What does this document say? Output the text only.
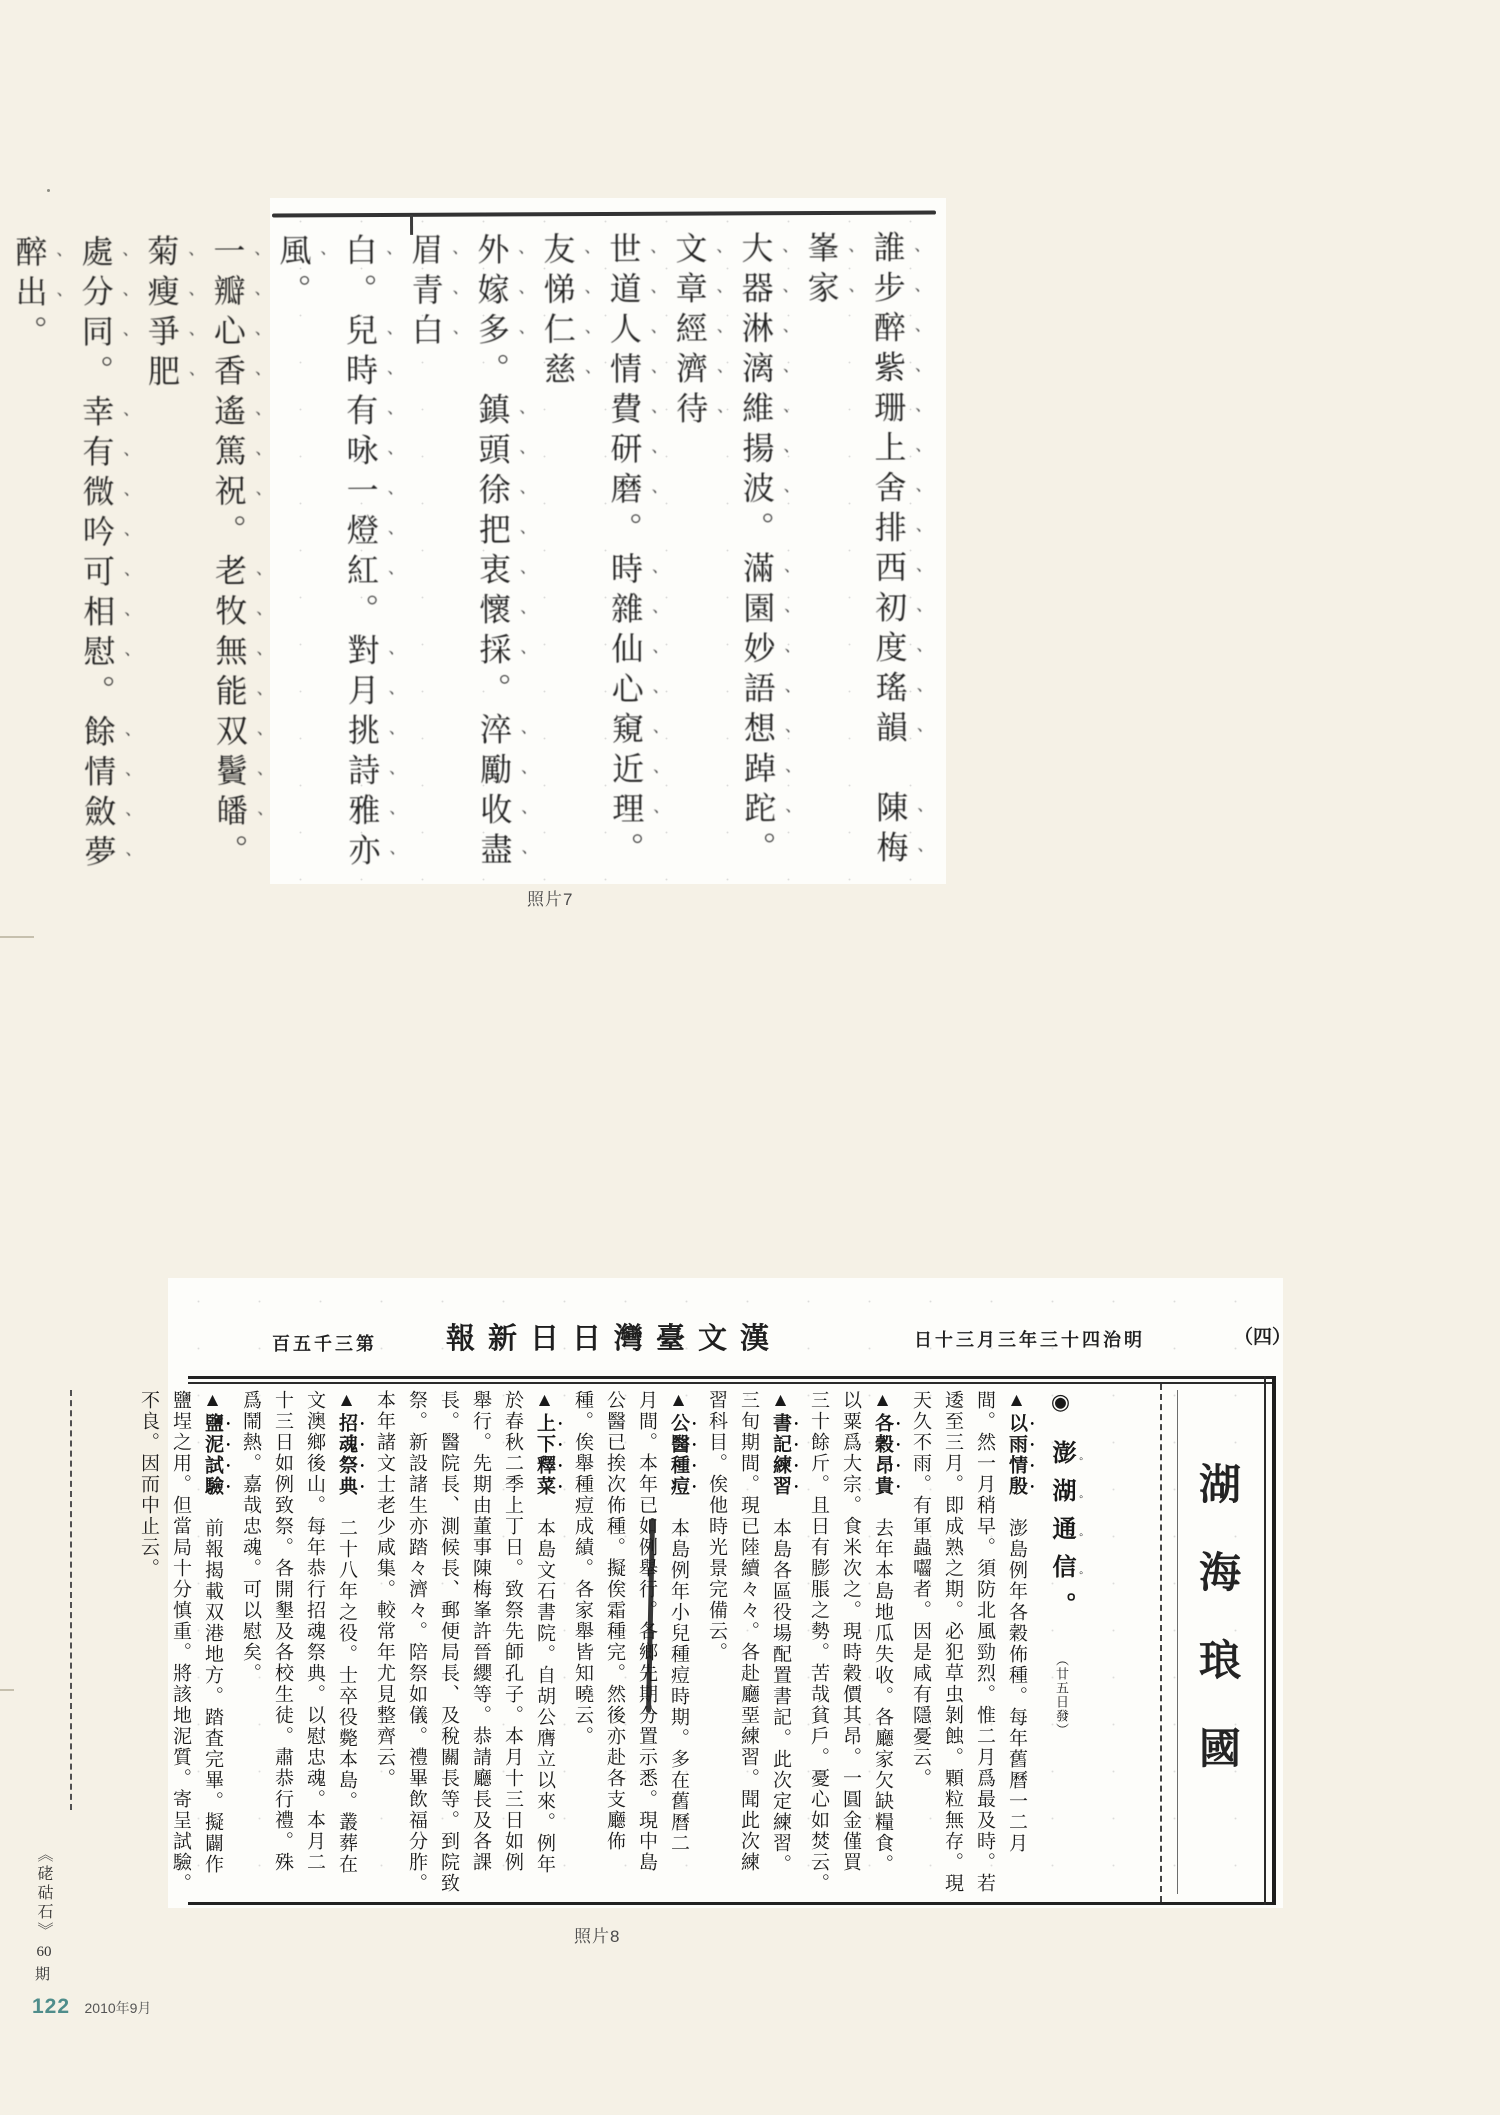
誰步醉紫珊上舍排西初度瑤韻　陳梅峯家
大器淋漓維揚波。滿園妙語想踔跎。文章經濟待
世道人情費研磨。時雜仙心窺近理。友悌仁慈
外嫁多。鎮頭徐把衷懷採。淬勵收盡眉青白
白。兒時有咏一燈紅。對月挑詩雅亦風。
一瓣心香遙篤祝。老牧無能双鬢皤。菊瘦爭肥
處分同。幸有微吟可相慰。餘情斂夢醉出。
照片7
百五千三第 報新日日灣臺文漢	日十三月三年三十四治明	（四）
湖海琅國
◉ 澎湖通信。 （廿五日發）
▲以雨情殷　澎島例年各穀佈種。每年舊曆一二月
間。然一月稍早。須防北風勁烈。惟二月爲最及時。若
逶至三月。即成熟之期。必犯草虫剝蝕。顆粒無存。現
天久不雨。有軍蟲囓者。因是咸有隱憂云。
▲各穀昂貴　去年本島地瓜失收。各廳家欠缺糧食。
以粟爲大宗。食米次之。現時穀價其昂。一圓金僅買
三十餘斤。且日有膨脹之勢。苦哉貧戶。憂心如焚云。
▲書記練習　本島各區役場配置書記。此次定練習。
三旬期間。現已陸續々々。各赴廳堊練習。聞此次練
習科目。俟他時光景完備云。
▲公醫種痘　本島例年小兒種痘時期。多在舊曆二
月間。本年已如例舉行。各鄉先期分置示悉。現中島
公醫已挨次佈種。擬俟霜種完。然後亦赴各支廳佈
種。俟舉種痘成績。各家舉皆知曉云。
▲上下釋菜　本島文石書院。自胡公膺立以來。例年
於春秋二季上丁日。致祭先師孔子。本月十三日如例
舉行。先期由董事陳梅峯許晉纓等。恭請廳長及各課
長。醫院長、測候長、郵便局長、及稅關長等。到院致
祭。新設諸生亦踏々濟々。陪祭如儀。禮畢飲福分胙。
本年諸文士老少咸集。較常年尤見整齊云。
▲招魂祭典　二十八年之役。士卒役斃本島。叢葬在
文澳鄉後山。每年恭行招魂祭典。以慰忠魂。本月二
十三日如例致祭。各開墾及各校生徒。肅恭行禮。殊
爲鬧熱。嘉哉忠魂。可以慰矣。
▲鹽泥試驗　前報揭載双港地方。踏査完畢。擬闢作
鹽埕之用。但當局十分慎重。將該地泥質。寄呈試驗。
不良。因而中止云。
照片8
《硓𥑮石》
60
期
122 2010年9月
